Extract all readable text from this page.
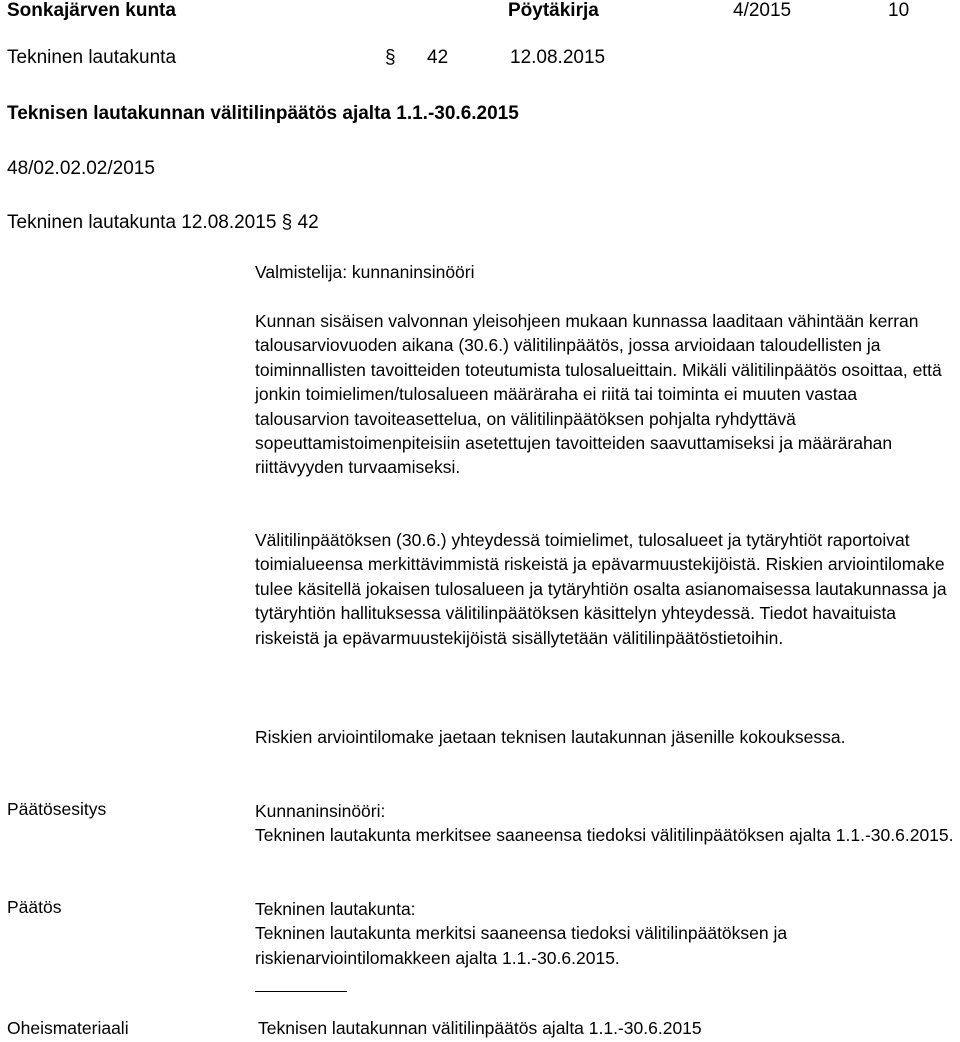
Sonkajärven kunta	Pöytäkirja	4/2015	10
Tekninen lautakunta	§ 42	12.08.2015
Teknisen lautakunnan välitilinpäätös ajalta 1.1.-30.6.2015
48/02.02.02/2015
Tekninen lautakunta 12.08.2015 § 42
Valmistelija: kunnaninsinööri
Kunnan sisäisen valvonnan yleisohjeen mukaan kunnassa laaditaan vähintään kerran talousarviovuoden aikana (30.6.) välitilinpäätös, jossa arvioidaan taloudellisten ja toiminnallisten tavoitteiden toteutumista tulosalueittain. Mikäli välitilinpäätös osoittaa, että jonkin toimielimen/tulosalueen määräraha ei riitä tai toiminta ei muuten vastaa talousarvion tavoiteasettelua, on välitilinpäätöksen pohjalta ryhdyttävä sopeuttamistoimenpiteisiin asetettujen tavoitteiden saavuttamiseksi ja määrärahan riittävyyden turvaamiseksi.
Välitilinpäätöksen (30.6.) yhteydessä toimielimet, tulosalueet ja tytäryhtiöt raportoivat toimialueensa merkittävimmistä riskeistä ja epävarmuustekijöistä. Riskien arviointilomake tulee käsitellä jokaisen tulosalueen ja tytäryhtiön osalta asianomaisessa lautakunnassa ja tytäryhtiön hallituksessa välitilinpäätöksen käsittelyn yhteydessä. Tiedot havaituista riskeistä ja epävarmuustekijöistä sisällytetään välitilinpäätöstietoihin.
Riskien arviointilomake jaetaan teknisen lautakunnan jäsenille kokouksessa.
Päätösesitys	Kunnaninsinööri:
Tekninen lautakunta merkitsee saaneensa tiedoksi välitilinpäätöksen ajalta 1.1.-30.6.2015.
Päätös	Tekninen lautakunta:
Tekninen lautakunta merkitsi saaneensa tiedoksi välitilinpäätöksen ja riskienarviointilomakkeen ajalta 1.1.-30.6.2015.
Oheismateriaali	Teknisen lautakunnan välitilinpäätös ajalta 1.1.-30.6.2015
